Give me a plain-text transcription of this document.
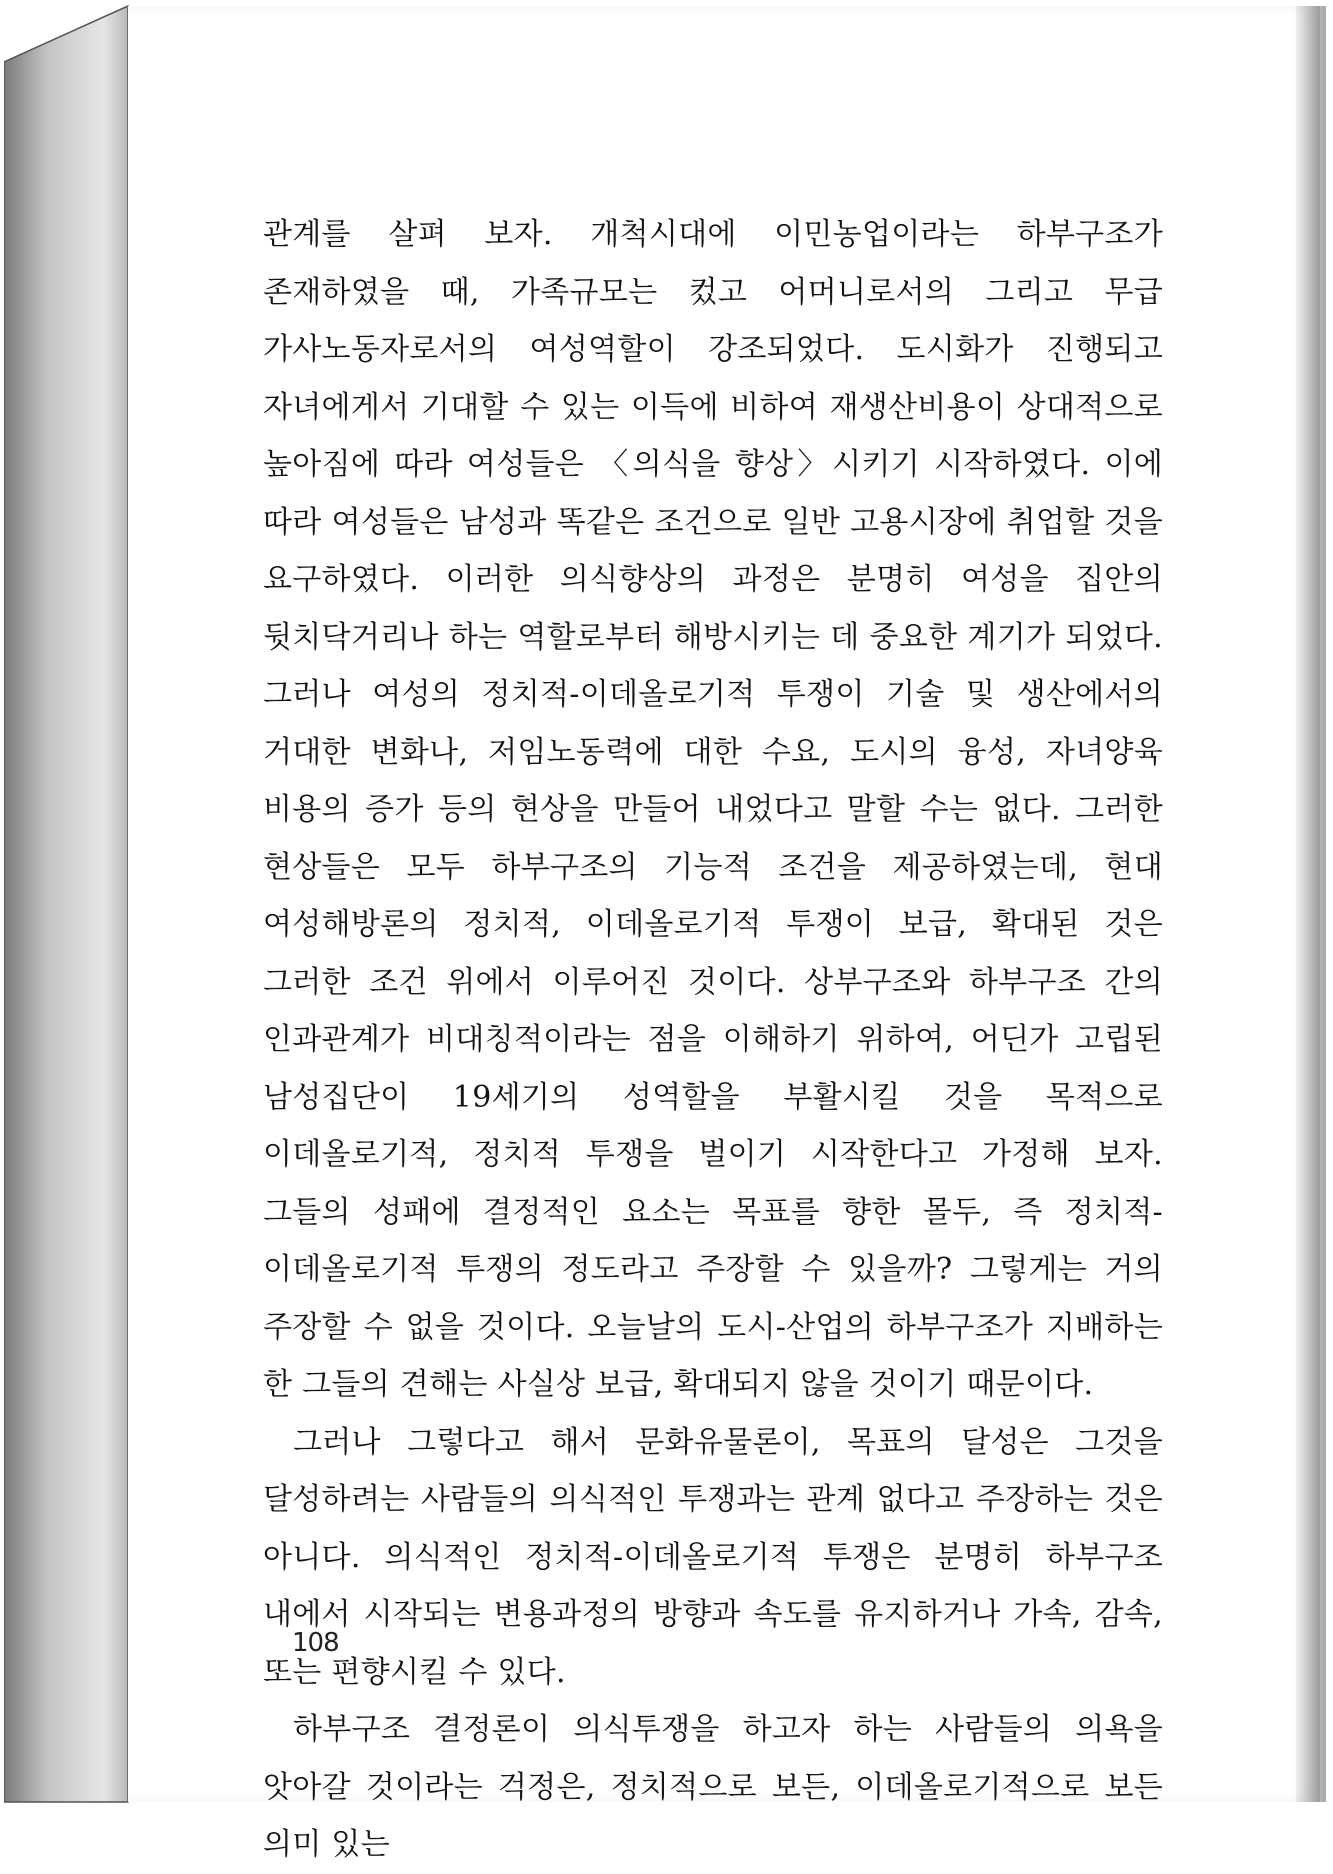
관계를 살펴 보자. 개척시대에 이민농업이라는 하부구조가 존재하였을 때, 가족규모는 컸고 어머니로서의 그리고 무급 가사노동자로서의 여성역할이 강조되었다. 도시화가 진행되고 자녀에게서 기대할 수 있는 이득에 비하여 재생산비용이 상대적으로 높아짐에 따라 여성들은 〈의식을 향상〉시키기 시작하였다. 이에 따라 여성들은 남성과 똑같은 조건으로 일반 고용시장에 취업할 것을 요구하였다. 이러한 의식향상의 과정은 분명히 여성을 집안의 뒷치닥거리나 하는 역할로부터 해방시키는 데 중요한 계기가 되었다. 그러나 여성의 정치적-이데올로기적 투쟁이 기술 및 생산에서의 거대한 변화나, 저임노동력에 대한 수요, 도시의 융성, 자녀양육 비용의 증가 등의 현상을 만들어 내었다고 말할 수는 없다. 그러한 현상들은 모두 하부구조의 기능적 조건을 제공하였는데, 현대 여성해방론의 정치적, 이데올로기적 투쟁이 보급, 확대된 것은 그러한 조건 위에서 이루어진 것이다. 상부구조와 하부구조 간의 인과관계가 비대칭적이라는 점을 이해하기 위하여, 어딘가 고립된 남성집단이 19세기의 성역할을 부활시킬 것을 목적으로 이데올로기적, 정치적 투쟁을 벌이기 시작한다고 가정해 보자. 그들의 성패에 결정적인 요소는 목표를 향한 몰두, 즉 정치적-이데올로기적 투쟁의 정도라고 주장할 수 있을까? 그렇게는 거의 주장할 수 없을 것이다. 오늘날의 도시-산업의 하부구조가 지배하는 한 그들의 견해는 사실상 보급, 확대되지 않을 것이기 때문이다.

그러나 그렇다고 해서 문화유물론이, 목표의 달성은 그것을 달성하려는 사람들의 의식적인 투쟁과는 관계 없다고 주장하는 것은 아니다. 의식적인 정치적-이데올로기적 투쟁은 분명히 하부구조 내에서 시작되는 변용과정의 방향과 속도를 유지하거나 가속, 감속, 또는 편향시킬 수 있다.

하부구조 결정론이 의식투쟁을 하고자 하는 사람들의 의욕을 앗아갈 것이라는 걱정은, 정치적으로 보든, 이데올로기적으로 보든 의미 있는

108
